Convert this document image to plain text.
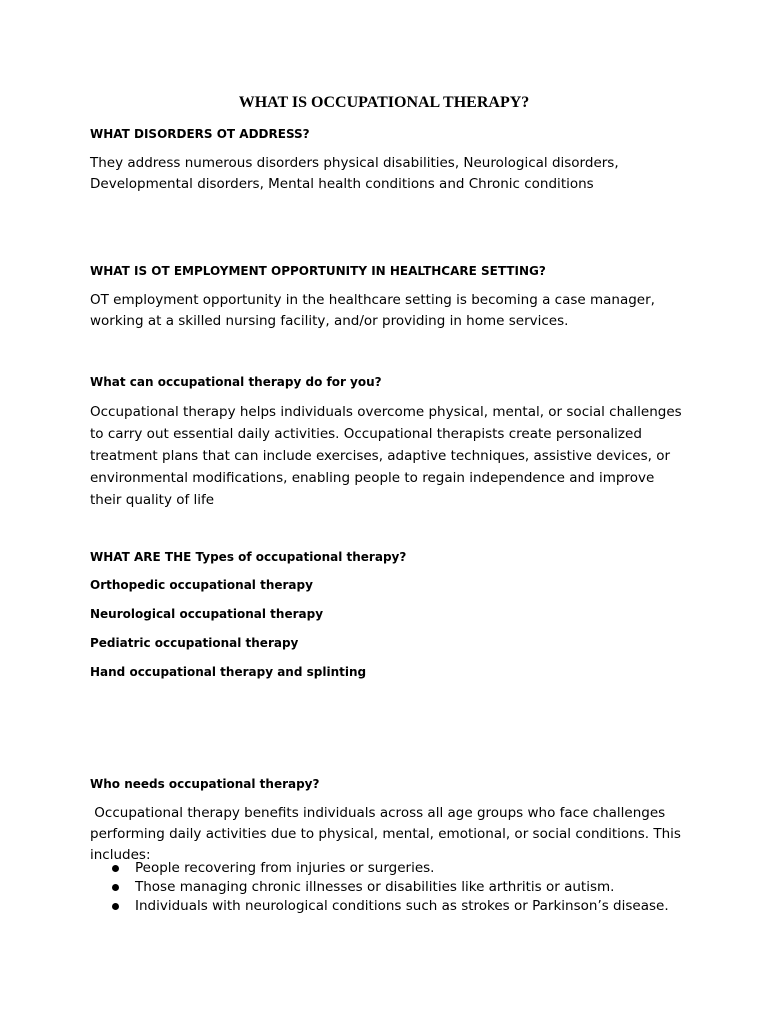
WHAT IS OCCUPATIONAL THERAPY?

WHAT DISORDERS OT ADDRESS?

They address numerous disorders physical disabilities, Neurological disorders, Developmental disorders, Mental health conditions and Chronic conditions

WHAT IS OT EMPLOYMENT OPPORTUNITY IN HEALTHCARE SETTING?

OT employment opportunity in the healthcare setting is becoming a case manager, working at a skilled nursing facility, and/or providing in home services.

What can occupational therapy do for you?

Occupational therapy helps individuals overcome physical, mental, or social challenges to carry out essential daily activities. Occupational therapists create personalized treatment plans that can include exercises, adaptive techniques, assistive devices, or environmental modifications, enabling people to regain independence and improve their quality of life

WHAT ARE THE Types of occupational therapy?

Orthopedic occupational therapy

Neurological occupational therapy

Pediatric occupational therapy

Hand occupational therapy and splinting

Who needs occupational therapy?

Occupational therapy benefits individuals across all age groups who face challenges performing daily activities due to physical, mental, emotional, or social conditions. This includes:

People recovering from injuries or surgeries.
Those managing chronic illnesses or disabilities like arthritis or autism.
Individuals with neurological conditions such as strokes or Parkinson’s disease.
